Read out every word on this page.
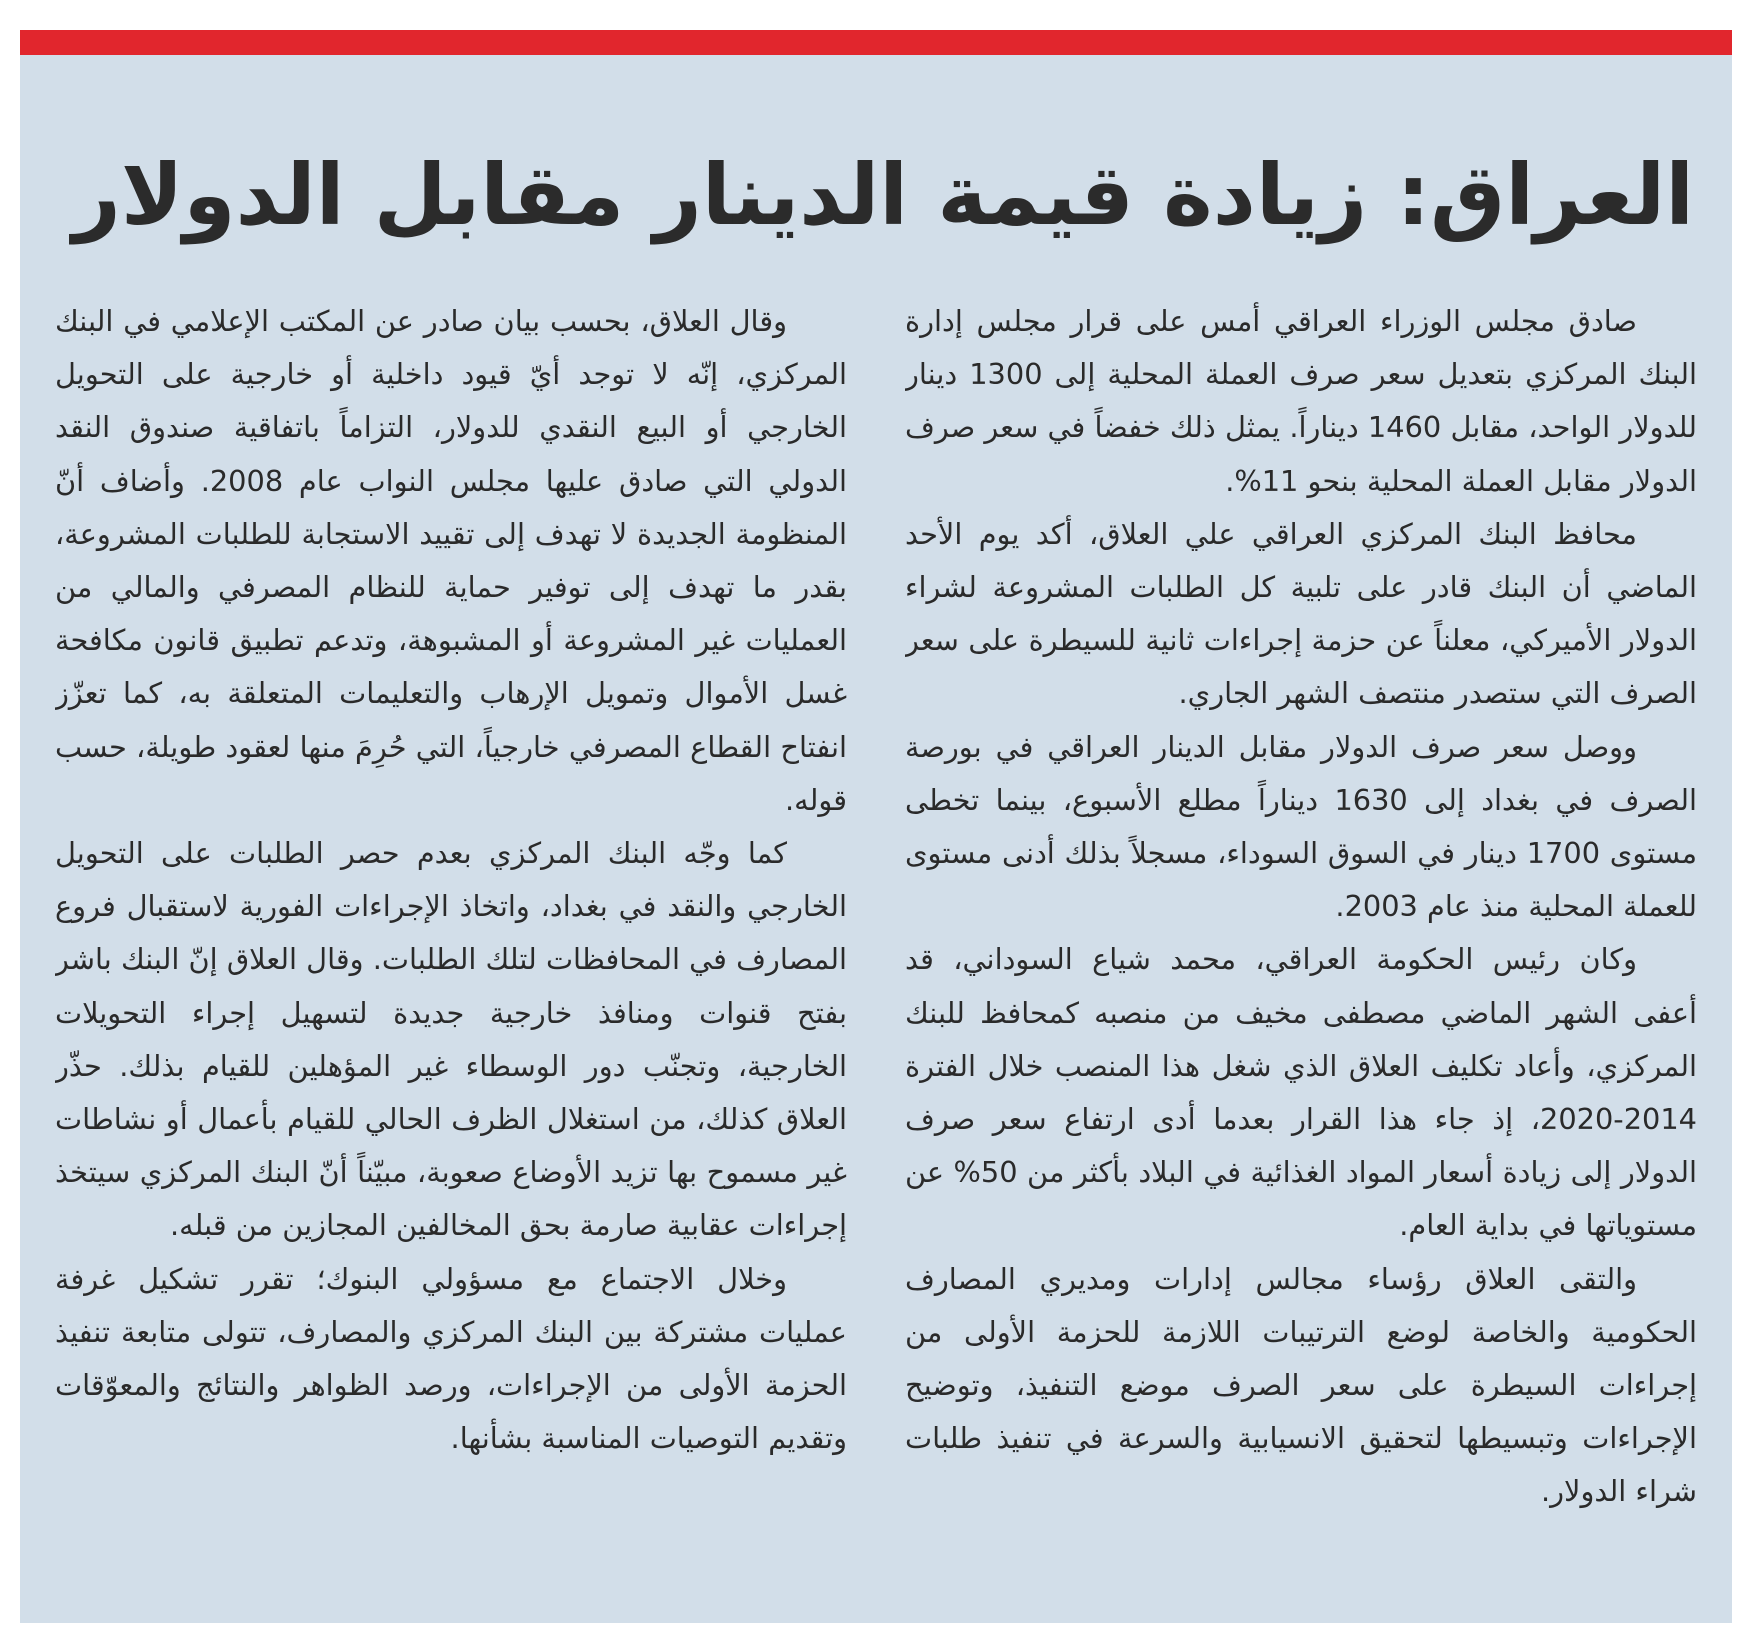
العراق: زيادة قيمة الدينار مقابل الدولار

صادق مجلس الوزراء العراقي أمس على قرار مجلس إدارة البنك المركزي بتعديل سعر صرف العملة المحلية إلى 1300 دينار للدولار الواحد، مقابل 1460 ديناراً. يمثل ذلك خفضاً في سعر صرف الدولار مقابل العملة المحلية بنحو 11%.

محافظ البنك المركزي العراقي علي العلاق، أكد يوم الأحد الماضي أن البنك قادر على تلبية كل الطلبات المشروعة لشراء الدولار الأميركي، معلناً عن حزمة إجراءات ثانية للسيطرة على سعر الصرف التي ستصدر منتصف الشهر الجاري.

ووصل سعر صرف الدولار مقابل الدينار العراقي في بورصة الصرف في بغداد إلى 1630 ديناراً مطلع الأسبوع، بينما تخطى مستوى 1700 دينار في السوق السوداء، مسجلاً بذلك أدنى مستوى للعملة المحلية منذ عام 2003.

وكان رئيس الحكومة العراقي، محمد شياع السوداني، قد أعفى الشهر الماضي مصطفى مخيف من منصبه كمحافظ للبنك المركزي، وأعاد تكليف العلاق الذي شغل هذا المنصب خلال الفترة 2014-2020، إذ جاء هذا القرار بعدما أدى ارتفاع سعر صرف الدولار إلى زيادة أسعار المواد الغذائية في البلاد بأكثر من 50% عن مستوياتها في بداية العام.

والتقى العلاق رؤساء مجالس إدارات ومديري المصارف الحكومية والخاصة لوضع الترتيبات اللازمة للحزمة الأولى من إجراءات السيطرة على سعر الصرف موضع التنفيذ، وتوضيح الإجراءات وتبسيطها لتحقيق الانسيابية والسرعة في تنفيذ طلبات شراء الدولار.

وقال العلاق، بحسب بيان صادر عن المكتب الإعلامي في البنك المركزي، إنّه لا توجد أيّ قيود داخلية أو خارجية على التحويل الخارجي أو البيع النقدي للدولار، التزاماً باتفاقية صندوق النقد الدولي التي صادق عليها مجلس النواب عام 2008. وأضاف أنّ المنظومة الجديدة لا تهدف إلى تقييد الاستجابة للطلبات المشروعة، بقدر ما تهدف إلى توفير حماية للنظام المصرفي والمالي من العمليات غير المشروعة أو المشبوهة، وتدعم تطبيق قانون مكافحة غسل الأموال وتمويل الإرهاب والتعليمات المتعلقة به، كما تعزّز انفتاح القطاع المصرفي خارجياً، التي حُرِمَ منها لعقود طويلة، حسب قوله.

كما وجّه البنك المركزي بعدم حصر الطلبات على التحويل الخارجي والنقد في بغداد، واتخاذ الإجراءات الفورية لاستقبال فروع المصارف في المحافظات لتلك الطلبات. وقال العلاق إنّ البنك باشر بفتح قنوات ومنافذ خارجية جديدة لتسهيل إجراء التحويلات الخارجية، وتجنّب دور الوسطاء غير المؤهلين للقيام بذلك. حذّر العلاق كذلك، من استغلال الظرف الحالي للقيام بأعمال أو نشاطات غير مسموح بها تزيد الأوضاع صعوبة، مبيّناً أنّ البنك المركزي سيتخذ إجراءات عقابية صارمة بحق المخالفين المجازين من قبله.

وخلال الاجتماع مع مسؤولي البنوك؛ تقرر تشكيل غرفة عمليات مشتركة بين البنك المركزي والمصارف، تتولى متابعة تنفيذ الحزمة الأولى من الإجراءات، ورصد الظواهر والنتائج والمعوّقات وتقديم التوصيات المناسبة بشأنها.
